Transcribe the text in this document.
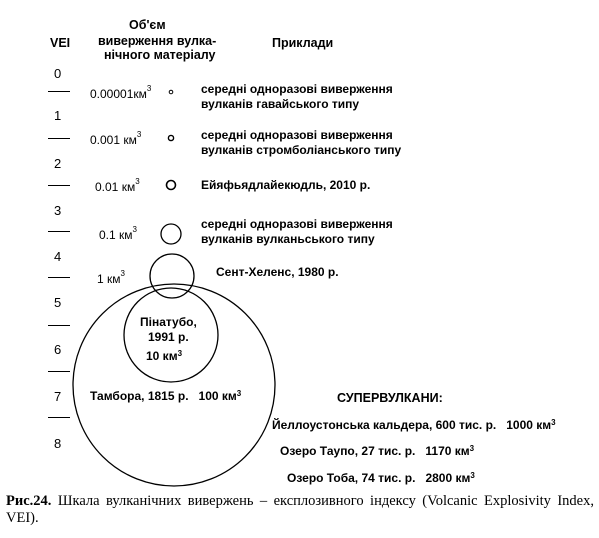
VEI
Об'єм
виверження вулка-
нічного матеріалу
Приклади
0
1
2
3
4
5
6
7
8
$0.00001км^3$
0.001 $км^3$
0.01 $км^3$
0.1 $км^3$
1 $км^3$
середні одноразові виверження
вулканів гавайського типу
середні одноразові виверження
вулканів стромболіанського типу
Ейяфьядлайекюдль, 2010 р.
середні одноразові виверження
вулканів вулканьського типу
Сент-Хеленс, 1980 р.
Пінатубо,
1991 р.
10 $км^3$
Тамбора, 1815 р. 100 $км^3$	СУПЕРВУЛКАНИ:
Йеллоустонська кальдера, 600 тис. р. 1000 $км^3$
Озеро Таупо, 27 тис. р. 1170 $км^3$
Озеро Тоба, 74 тис. р. 2800 $км^3$
Рис.24. Шкала вулканічних вивержень – експлозивного індексу (Volcanic Explosivity Index, VEI).
